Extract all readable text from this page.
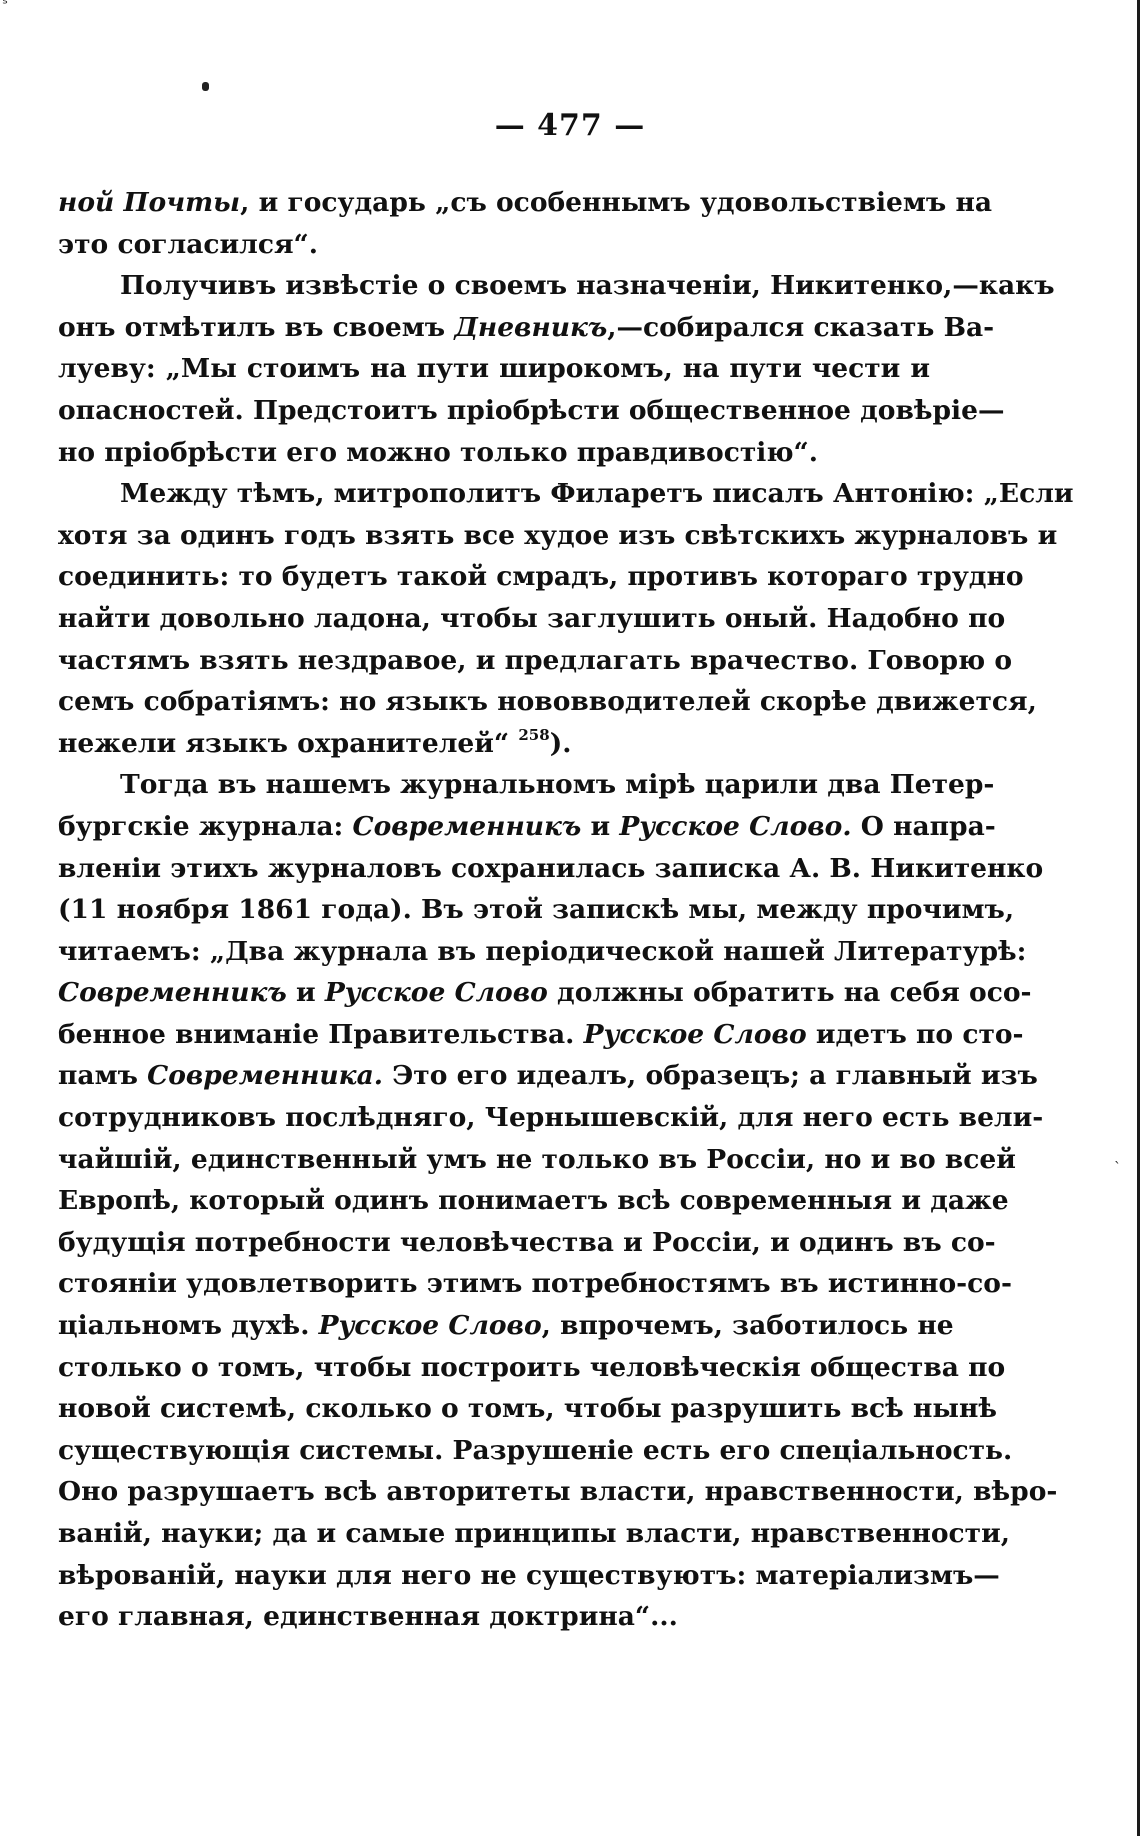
ˢ
— 477 —
ной Почты, и государь „съ особеннымъ удовольствіемъ на
это согласился“.
Получивъ извѣстіе о своемъ назначеніи, Никитенко,—какъ
онъ отмѣтилъ въ своемъ Дневникъ,—собирался сказать Ва-
луеву: „Мы стоимъ на пути широкомъ, на пути чести и
опасностей. Предстоитъ пріобрѣсти общественное довѣріе—
но пріобрѣсти его можно только правдивостію“.
Между тѣмъ, митрополитъ Филаретъ писалъ Антонію: „Если
хотя за одинъ годъ взять все худое изъ свѣтскихъ журналовъ и
соединить: то будетъ такой смрадъ, противъ котораго трудно
найти довольно ладона, чтобы заглушить оный. Надобно по
частямъ взять нездравое, и предлагать врачество. Говорю о
семъ собратіямъ: но языкъ нововводителей скорѣе движется,
нежели языкъ охранителей“ $^{258}$).
Тогда въ нашемъ журнальномъ мірѣ царили два Петер-
бургскіе журнала: Современникъ и Русское Слово. О напра-
вленіи этихъ журналовъ сохранилась записка А. В. Никитенко
(11 ноября 1861 года). Въ этой запискѣ мы, между прочимъ,
читаемъ: „Два журнала въ періодической нашей Литературѣ:
Современникъ и Русское Слово должны обратить на себя осо-
бенное вниманіе Правительства. Русское Слово идетъ по сто-
памъ Современника. Это его идеалъ, образецъ; а главный изъ
сотрудниковъ послѣдняго, Чернышевскій, для него есть вели-
чайшій, единственный умъ не только въ Россіи, но и во всей
Европѣ, который одинъ понимаетъ всѣ современныя и даже
будущія потребности человѣчества и Россіи, и одинъ въ со-
стояніи удовлетворить этимъ потребностямъ въ истинно-со-
ціальномъ духѣ. Русское Слово, впрочемъ, заботилось не
столько о томъ, чтобы построить человѣческія общества по
новой системѣ, сколько о томъ, чтобы разрушить всѣ нынѣ
существующія системы. Разрушеніе есть его спеціальность.
Оно разрушаетъ всѣ авторитеты власти, нравственности, вѣро-
ваній, науки; да и самые принципы власти, нравственности,
вѣрованій, науки для него не существуютъ: матеріализмъ—
его главная, единственная доктрина“...
ˎ
